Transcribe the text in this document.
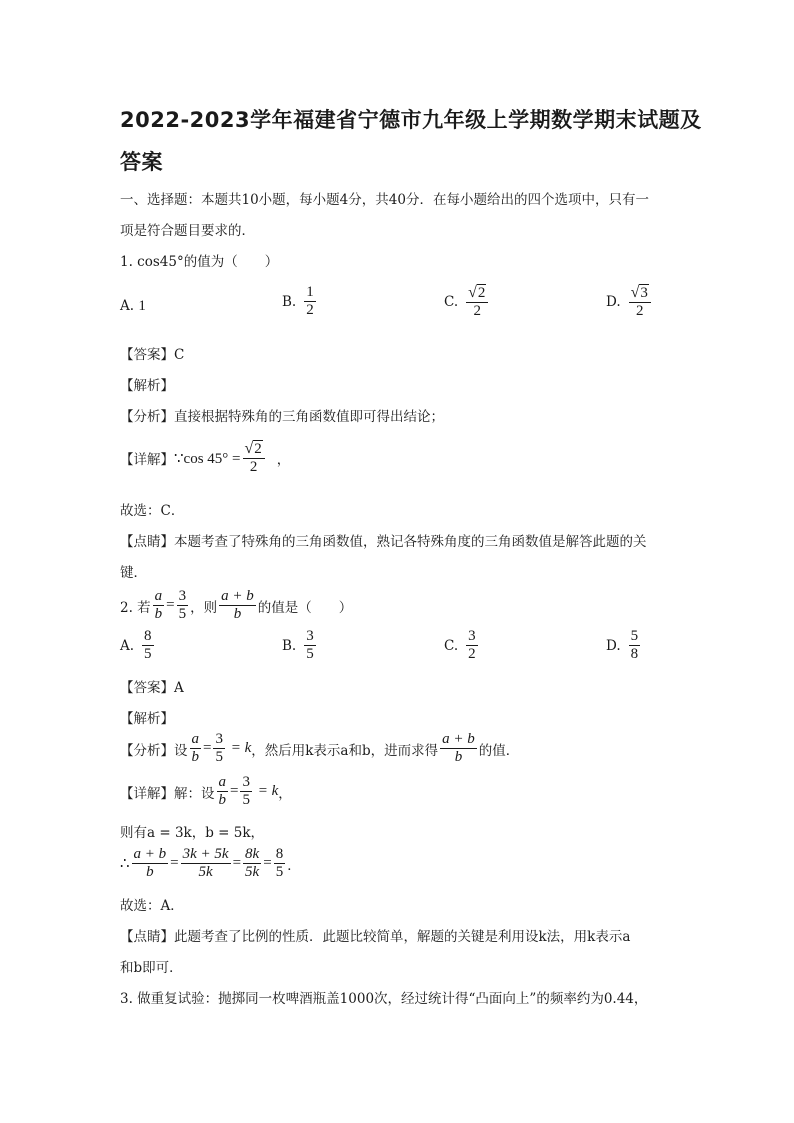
2022-2023学年福建省宁德市九年级上学期数学期末试题及
答案
一、选择题：本题共10小题，每小题4分，共40分．在每小题给出的四个选项中，只有一
项是符合题目要求的．
1. cos45°的值为（　　）
A. 1	B. $\frac{1}{2}$	C. $\frac{√ 2}{2}$	D. $\frac{√ 3}{2}$
【答案】C
【解析】
【分析】直接根据特殊角的三角函数值即可得出结论；
【详解】 ∵cos $45^\circ = \frac{√ 2}{2}$ ，
故选：C．
【点睛】本题考查了特殊角的三角函数值，熟记各特殊角度的三角函数值是解答此题的关
键．
2. 若 $\frac{a}{b} = \frac{3}{5}$ ，则 $\frac{a + b}{b}$ 的值是（　　）
A. $\frac{8}{5}$	B. $\frac{3}{5}$	C. $\frac{3}{2}$	D. $\frac{5}{8}$
【答案】A
【解析】
【分析】 设 $\frac{a}{b} = \frac{3}{5} = k$ ，然后用k表示a和b，进而求得 $\frac{a + b}{b}$ 的值．
【详解】 解：设 $\frac{a}{b} = \frac{3}{5} = k$ ，
则有a = 3k，b = 5k，
∴ $\frac{a + b}{b} = \frac{3k + 5k}{5k} = \frac{8k}{5k} = \frac{8}{5}$ ．
故选：A．
【点睛】此题考查了比例的性质．此题比较简单，解题的关键是利用设k法，用k表示a
和b即可．
3. 做重复试验：抛掷同一枚啤酒瓶盖1000次，经过统计得“凸面向上”的频率约为0.44，
